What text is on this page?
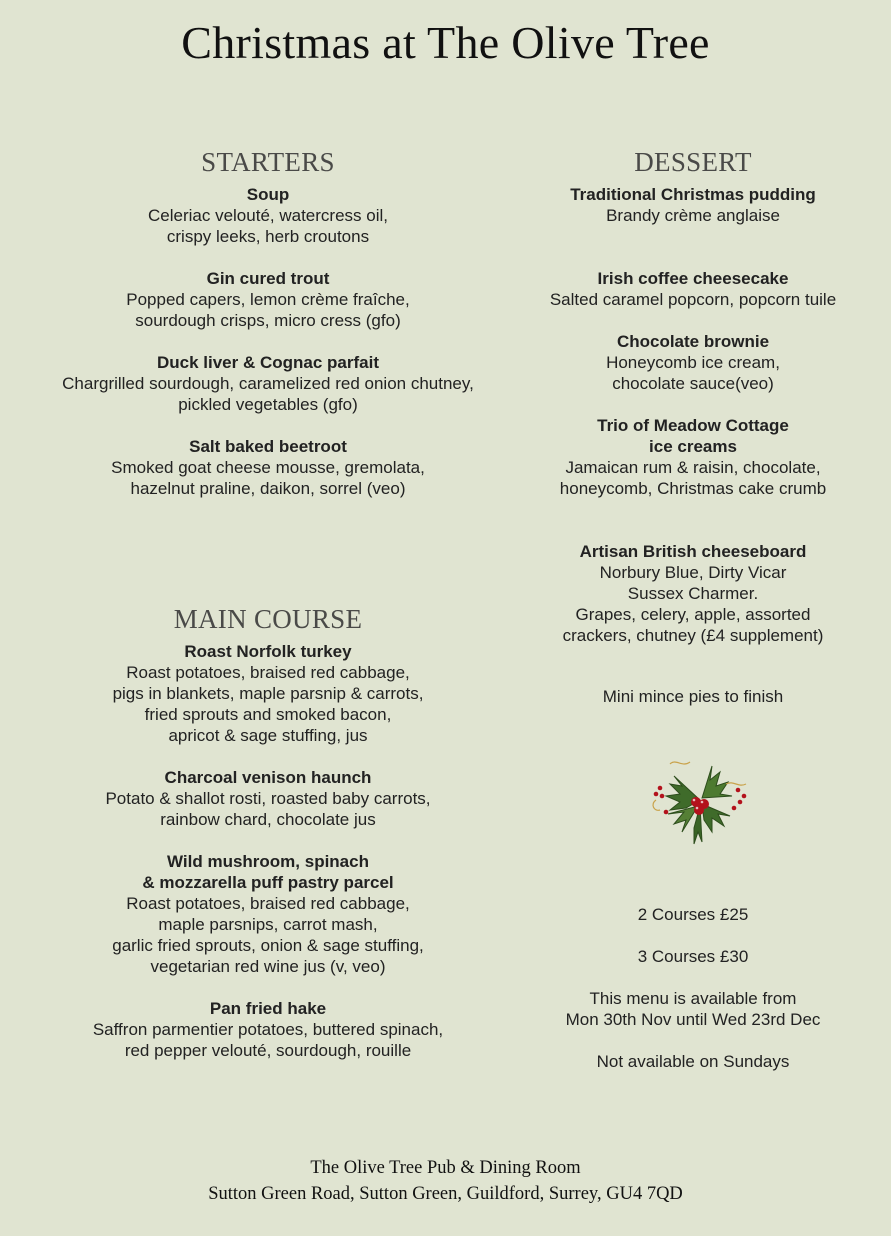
Christmas at The Olive Tree
STARTERS
Soup
Celeriac velouté, watercress oil,
crispy leeks, herb croutons
Gin cured trout
Popped capers, lemon crème fraîche,
sourdough crisps, micro cress (gfo)
Duck liver & Cognac parfait
Chargrilled sourdough, caramelized red onion chutney,
pickled vegetables (gfo)
Salt baked beetroot
Smoked goat cheese mousse, gremolata,
hazelnut praline, daikon, sorrel (veo)
MAIN COURSE
Roast Norfolk turkey
Roast potatoes, braised red cabbage,
pigs in blankets, maple parsnip & carrots,
fried sprouts and smoked bacon,
apricot & sage stuffing, jus
Charcoal venison haunch
Potato & shallot rosti, roasted baby carrots,
rainbow chard, chocolate jus
Wild mushroom, spinach
& mozzarella puff pastry parcel
Roast potatoes, braised red cabbage,
maple parsnips, carrot mash,
garlic fried sprouts, onion & sage stuffing,
vegetarian red wine jus (v, veo)
Pan fried hake
Saffron parmentier potatoes, buttered spinach,
red pepper velouté, sourdough, rouille
DESSERT
Traditional Christmas pudding
Brandy crème anglaise
Irish coffee cheesecake
Salted caramel popcorn, popcorn tuile
Chocolate brownie
Honeycomb ice cream,
chocolate sauce(veo)
Trio of Meadow Cottage
ice creams
Jamaican rum & raisin, chocolate,
honeycomb, Christmas cake crumb
Artisan British cheeseboard
Norbury Blue, Dirty Vicar
Sussex Charmer.
Grapes, celery, apple, assorted
crackers, chutney (£4 supplement)
Mini mince pies to finish
2 Courses £25
3 Courses £30
This menu is available from
Mon 30th Nov until Wed 23rd Dec
Not available on Sundays
The Olive Tree Pub & Dining Room
Sutton Green Road, Sutton Green, Guildford, Surrey, GU4 7QD
